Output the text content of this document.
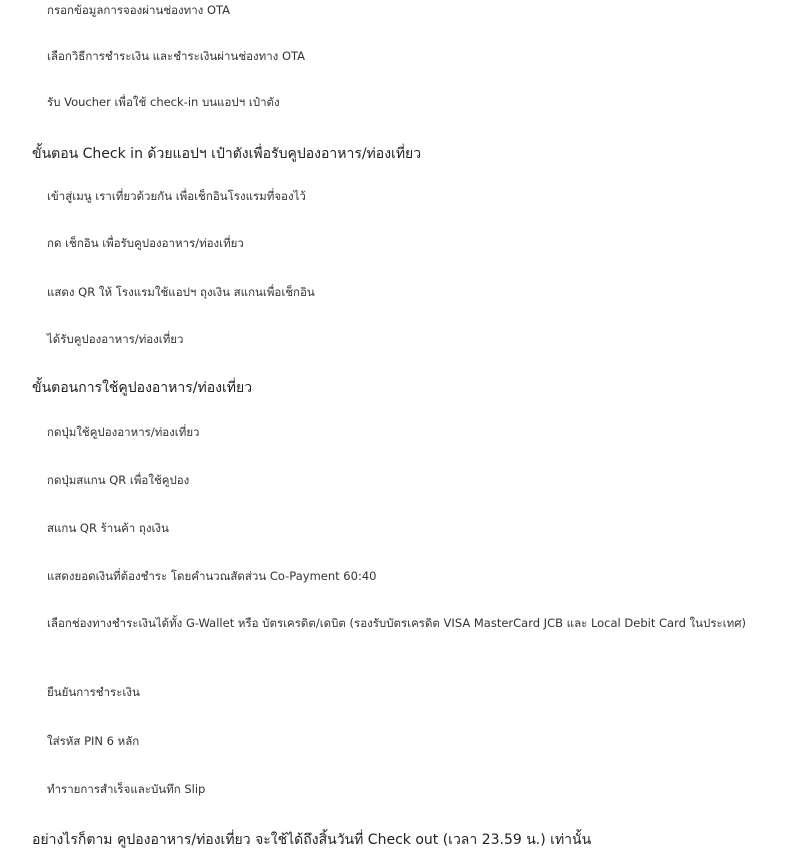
กรอกข้อมูลการจองผ่านช่องทาง OTA
เลือกวิธีการชำระเงิน และชำระเงินผ่านช่องทาง OTA
รับ Voucher เพื่อใช้ check-in บนแอปฯ เป๋าตัง
ขั้นตอน Check in ด้วยแอปฯ เป๋าตังเพื่อรับคูปองอาหาร/ท่องเที่ยว
เข้าสู่เมนู เราเที่ยวด้วยกัน เพื่อเช็กอินโรงแรมที่จองไว้
กด เช็กอิน เพื่อรับคูปองอาหาร/ท่องเที่ยว
แสดง QR ให้ โรงแรมใช้แอปฯ ถุงเงิน สแกนเพื่อเช็กอิน
ได้รับคูปองอาหาร/ท่องเที่ยว
ขั้นตอนการใช้คูปองอาหาร/ท่องเที่ยว
กดปุ่มใช้คูปองอาหาร/ท่องเที่ยว
กดปุ่มสแกน QR เพื่อใช้คูปอง
สแกน QR ร้านค้า ถุงเงิน
แสดงยอดเงินที่ต้องชำระ โดยคำนวณสัดส่วน Co-Payment 60:40
เลือกช่องทางชำระเงินได้ทั้ง G-Wallet หรือ บัตรเครดิต/เดบิต (รองรับบัตรเครดิต VISA MasterCard JCB และ Local Debit Card ในประเทศ)
ยืนยันการชำระเงิน
ใส่รหัส PIN 6 หลัก
ทำรายการสำเร็จและบันทึก Slip
อย่างไรก็ตาม คูปองอาหาร/ท่องเที่ยว จะใช้ได้ถึงสิ้นวันที่ Check out (เวลา 23.59 น.) เท่านั้น
